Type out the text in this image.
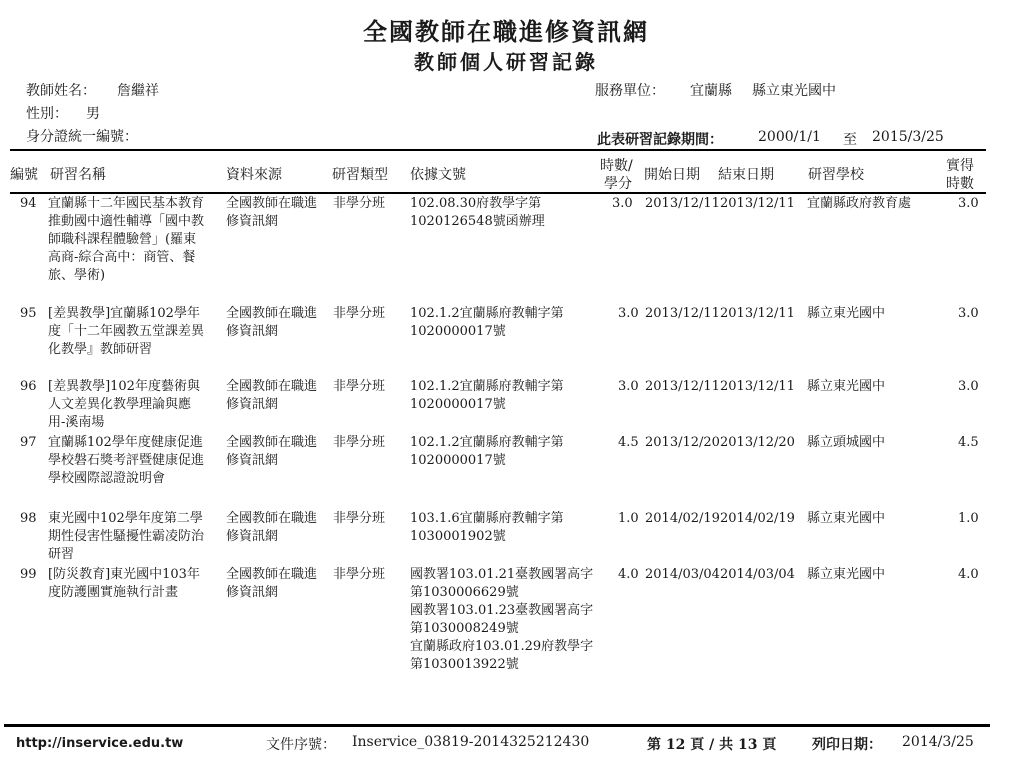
全國教師在職進修資訊網
教師個人研習記錄
教師姓名： 詹繼祥
性別： 男
身分證統一編號：
服務單位： 宜蘭縣 縣立東光國中
此表研習記錄期間：	2000/1/1 至 2015/3/25
編號 研習名稱	資料來源	研習類型 依據文號
時數/
學分
開始日期 結束日期 研習學校
實得
時數
94 宜蘭縣十二年國民基本教育推動國中適性輔導「國中教師職科課程體驗營」(羅東高商-綜合高中：商管、餐旅、學術)
全國教師在職進修資訊網
非學分班 102.08.30府教學字第1020126548號函辦理
3.0 2013/12/11 2013/12/11 宜蘭縣政府教育處	3.0
95 [差異教學]宜蘭縣102學年度「十二年國教五堂課差異化教學』教師研習
全國教師在職進修資訊網
非學分班 102.1.2宜蘭縣府教輔字第1020000017號
3.0 2013/12/11 2013/12/11 縣立東光國中	3.0
96 [差異教學]102年度藝術與人文差異化教學理論與應用-溪南場
全國教師在職進修資訊網
非學分班 102.1.2宜蘭縣府教輔字第1020000017號
3.0 2013/12/11 2013/12/11 縣立東光國中	3.0
97 宜蘭縣102學年度健康促進學校磐石獎考評暨健康促進學校國際認證說明會
全國教師在職進修資訊網
非學分班 102.1.2宜蘭縣府教輔字第1020000017號
4.5 2013/12/20 2013/12/20 縣立頭城國中	4.5
98 東光國中102學年度第二學期性侵害性騷擾性霸凌防治研習
全國教師在職進修資訊網
非學分班 103.1.6宜蘭縣府教輔字第1030001902號
1.0 2014/02/19 2014/02/19 縣立東光國中	1.0
99 [防災教育]東光國中103年度防護團實施執行計畫
全國教師在職進修資訊網
非學分班 國教署103.01.21臺教國署高字第1030006629號
國教署103.01.23臺教國署高字第1030008249號
宜蘭縣政府103.01.29府教學字第1030013922號
4.0 2014/03/04 2014/03/04 縣立東光國中	4.0
http://inservice.edu.tw	文件序號： Inservice_03819-2014325212430	第 12 頁 / 共 13 頁	列印日期： 2014/3/25
